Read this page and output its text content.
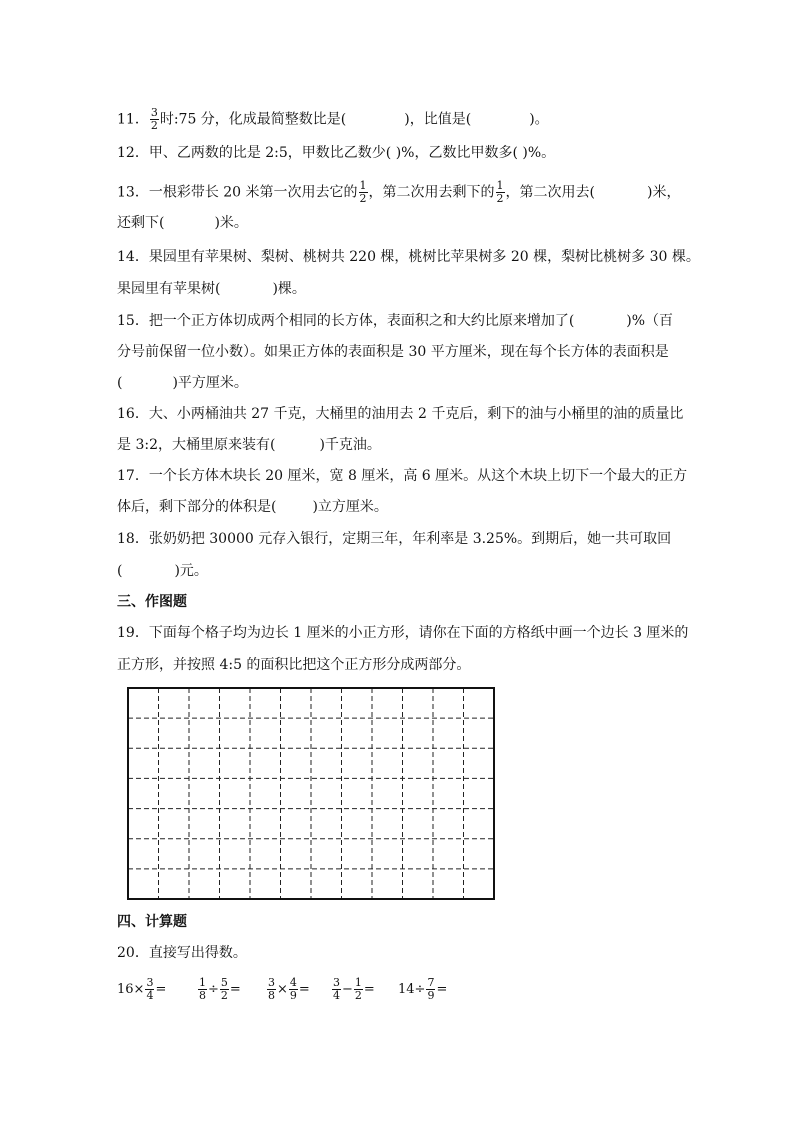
11． $\frac{3}{2}$ 时:75 分，化成最简整数比是(	)，比值是(	)。
12．甲、乙两数的比是 2:5，甲数比乙数少( )%，乙数比甲数多( )%。
13．一根彩带长 20 米第一次用去它的 $\frac{1}{2}$ ，第二次用去剩下的 $\frac{1}{2}$ ，第二次用去(	)米，
还剩下(	)米。
14．果园里有苹果树、梨树、桃树共 220 棵，桃树比苹果树多 20 棵，梨树比桃树多 30 棵。
果园里有苹果树(	)棵。
15．把一个正方体切成两个相同的长方体，表面积之和大约比原来增加了(	)%（百
分号前保留一位小数）。如果正方体的表面积是 30 平方厘米，现在每个长方体的表面积是
(	)平方厘米。
16．大、小两桶油共 27 千克，大桶里的油用去 2 千克后，剩下的油与小桶里的油的质量比
是 3:2，大桶里原来装有(	)千克油。
17．一个长方体木块长 20 厘米，宽 8 厘米，高 6 厘米。从这个木块上切下一个最大的正方
体后，剩下部分的体积是(	)立方厘米。
18．张奶奶把 30000 元存入银行，定期三年，年利率是 3.25%。到期后，她一共可取回
(	)元。
三、作图题
19．下面每个格子均为边长 1 厘米的小正方形，请你在下面的方格纸中画一个边长 3 厘米的
正方形，并按照 4:5 的面积比把这个正方形分成两部分。
四、计算题
20．直接写出得数。
$16\times \frac{3}{4}$ =	$\frac{1}{8} \div \frac{5}{2} = \frac{3}{8} \times \frac{4}{9} = \frac{3}{4} - \frac{1}{2} = 14\div \frac{7}{9}$ =
